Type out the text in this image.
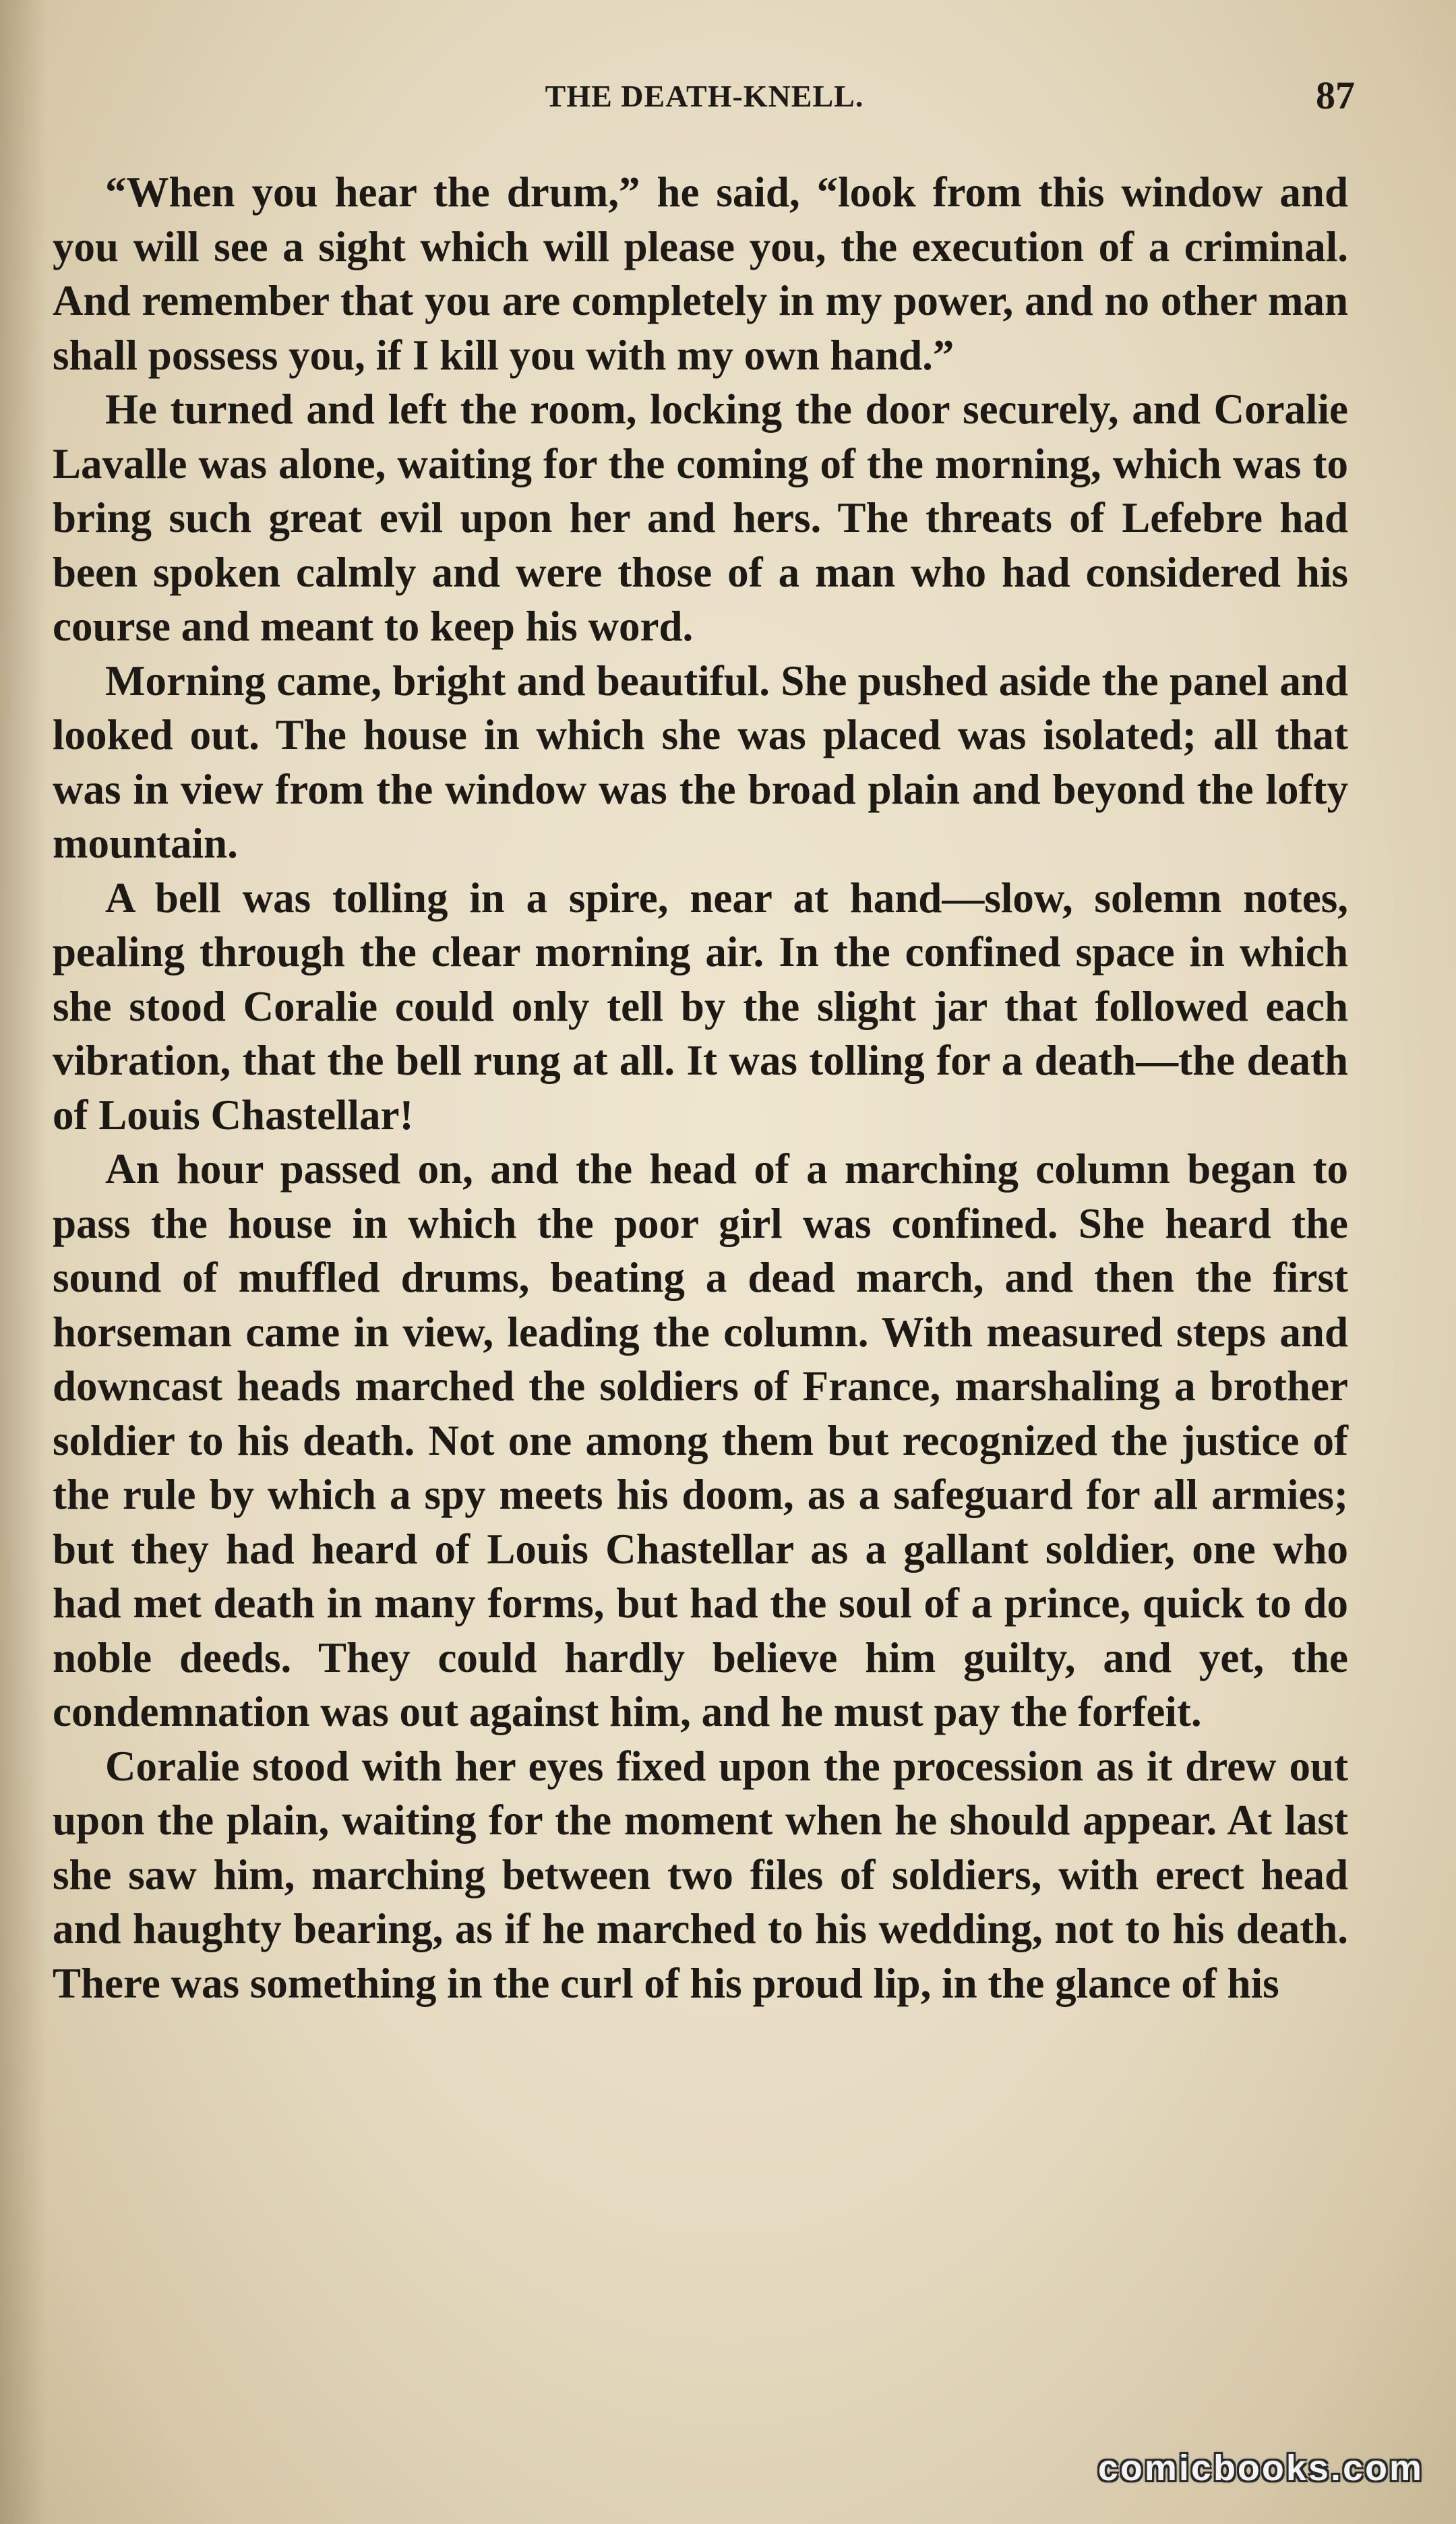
THE DEATH-KNELL.	87

“When you hear the drum,” he said, “look from this window and you will see a sight which will please you, the execution of a criminal. And remember that you are completely in my power, and no other man shall possess you, if I kill you with my own hand.”

He turned and left the room, locking the door securely, and Coralie Lavalle was alone, waiting for the coming of the morning, which was to bring such great evil upon her and hers. The threats of Lefebre had been spoken calmly and were those of a man who had considered his course and meant to keep his word.

Morning came, bright and beautiful. She pushed aside the panel and looked out. The house in which she was placed was isolated; all that was in view from the window was the broad plain and beyond the lofty mountain.

A bell was tolling in a spire, near at hand—slow, solemn notes, pealing through the clear morning air. In the confined space in which she stood Coralie could only tell by the slight jar that followed each vibration, that the bell rung at all. It was tolling for a death—the death of Louis Chastellar!

An hour passed on, and the head of a marching column began to pass the house in which the poor girl was confined. She heard the sound of muffled drums, beating a dead march, and then the first horseman came in view, leading the column. With measured steps and downcast heads marched the soldiers of France, marshaling a brother soldier to his death. Not one among them but recognized the justice of the rule by which a spy meets his doom, as a safeguard for all armies; but they had heard of Louis Chastellar as a gallant soldier, one who had met death in many forms, but had the soul of a prince, quick to do noble deeds. They could hardly believe him guilty, and yet, the condemnation was out against him, and he must pay the forfeit.

Coralie stood with her eyes fixed upon the procession as it drew out upon the plain, waiting for the moment when he should appear. At last she saw him, marching between two files of soldiers, with erect head and haughty bearing, as if he marched to his wedding, not to his death. There was something in the curl of his proud lip, in the glance of his

comicbooks.com
